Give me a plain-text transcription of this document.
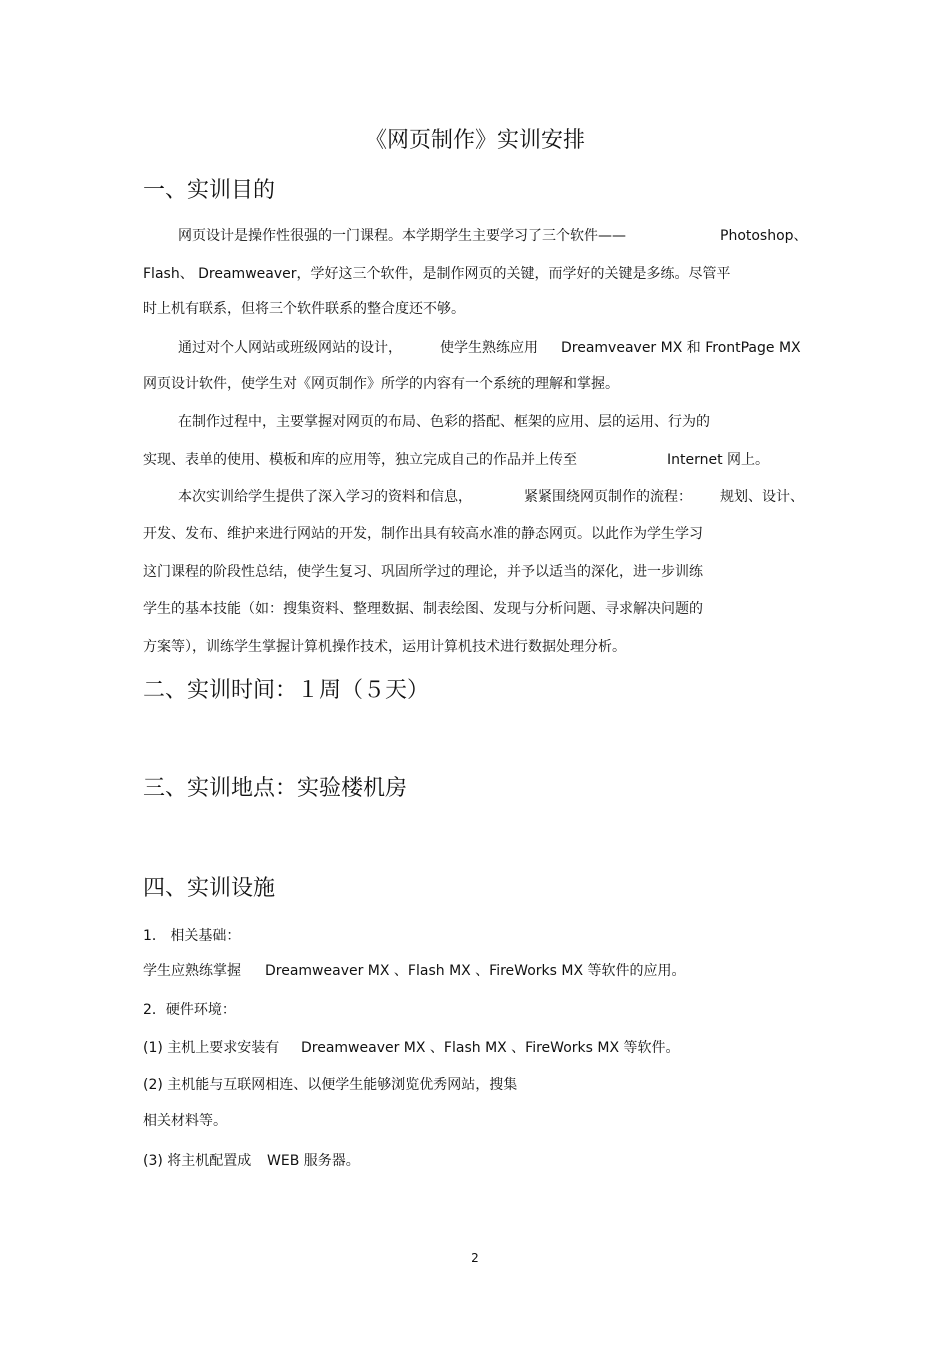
《网页制作》实训安排
一、实训目的
网页设计是操作性很强的一门课程。本学期学生主要学习了三个软件——	Photoshop、
Flash、 Dreamweaver，学好这三个软件，是制作网页的关键，而学好的关键是多练。尽管平
时上机有联系，但将三个软件联系的整合度还不够。
通过对个人网站或班级网站的设计，	使学生熟练应用 Dreamveaver MX 和 FrontPage MX
网页设计软件，使学生对《网页制作》所学的内容有一个系统的理解和掌握。
在制作过程中，主要掌握对网页的布局、色彩的搭配、框架的应用、层的运用、行为的
实现、表单的使用、模板和库的应用等，独立完成自己的作品并上传至	Internet 网上。
本次实训给学生提供了深入学习的资料和信息，	紧紧围绕网页制作的流程： 规划、设计、
开发、发布、维护来进行网站的开发，制作出具有较高水准的静态网页。以此作为学生学习
这门课程的阶段性总结，使学生复习、巩固所学过的理论，并予以适当的深化，进一步训练
学生的基本技能（如：搜集资料、整理数据、制表绘图、发现与分析问题、寻求解决问题的
方案等），训练学生掌握计算机操作技术，运用计算机技术进行数据处理分析。
二、实训时间：１周（５天）
三、实训地点：实验楼机房
四、实训设施
1． 相关基础：
学生应熟练掌握 Dreamweaver MX 、Flash MX 、FireWorks MX 等软件的应用。
2．硬件环境：
(1) 主机上要求安装有 Dreamweaver MX 、Flash MX 、FireWorks MX 等软件。
(2) 主机能与互联网相连、以便学生能够浏览优秀网站，搜集
相关材料等。
(3) 将主机配置成 WEB 服务器。
2
